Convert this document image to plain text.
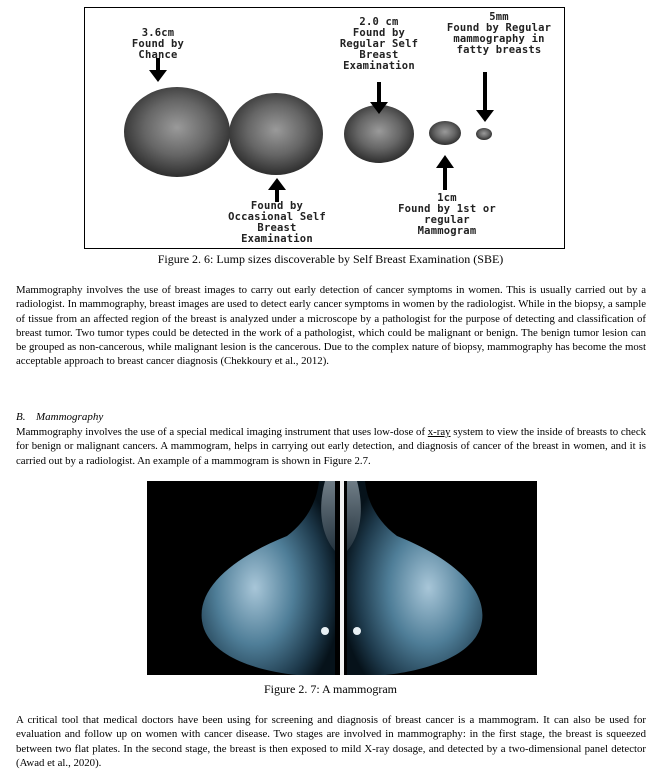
3.6cm
Found by
Chance
Found by
Occasional Self
Breast
Examination
2.0 cm
Found by
Regular Self
Breast
Examination
1cm
Found by 1st or
regular
Mammogram
5mm
Found by Regular
mammography in
fatty breasts
Figure 2. 6: Lump sizes discoverable by Self Breast Examination (SBE)

Mammography involves the use of breast images to carry out early detection of cancer symptoms in women. This is usually carried out by a radiologist. In mammography, breast images are used to detect early cancer symptoms in women by the radiologist. While in the biopsy, a sample of tissue from an affected region of the breast is analyzed under a microscope by a pathologist for the purpose of detecting and classification of breast tumor. Two tumor types could be detected in the work of a pathologist, which could be malignant or benign. The benign tumor lesion can be grouped as non-cancerous, while malignant lesion is the cancerous. Due to the complex nature of biopsy, mammography has become the most acceptable approach to breast cancer diagnosis (Chekkoury et al., 2012).

B. Mammography

Mammography involves the use of a special medical imaging instrument that uses low-dose of x-ray system to view the inside of breasts to check for benign or malignant cancers. A mammogram, helps in carrying out early detection, and diagnosis of cancer of the breast in women, and it is carried out by a radiologist. An example of a mammogram is shown in Figure 2.7.

Figure 2. 7: A mammogram

A critical tool that medical doctors have been using for screening and diagnosis of breast cancer is a mammogram. It can also be used for evaluation and follow up on women with cancer disease. Two stages are involved in mammography: in the first stage, the breast is squeezed between two flat plates. In the second stage, the breast is then exposed to mild X-ray dosage, and detected by a two-dimensional panel detector (Awad et al., 2020).
